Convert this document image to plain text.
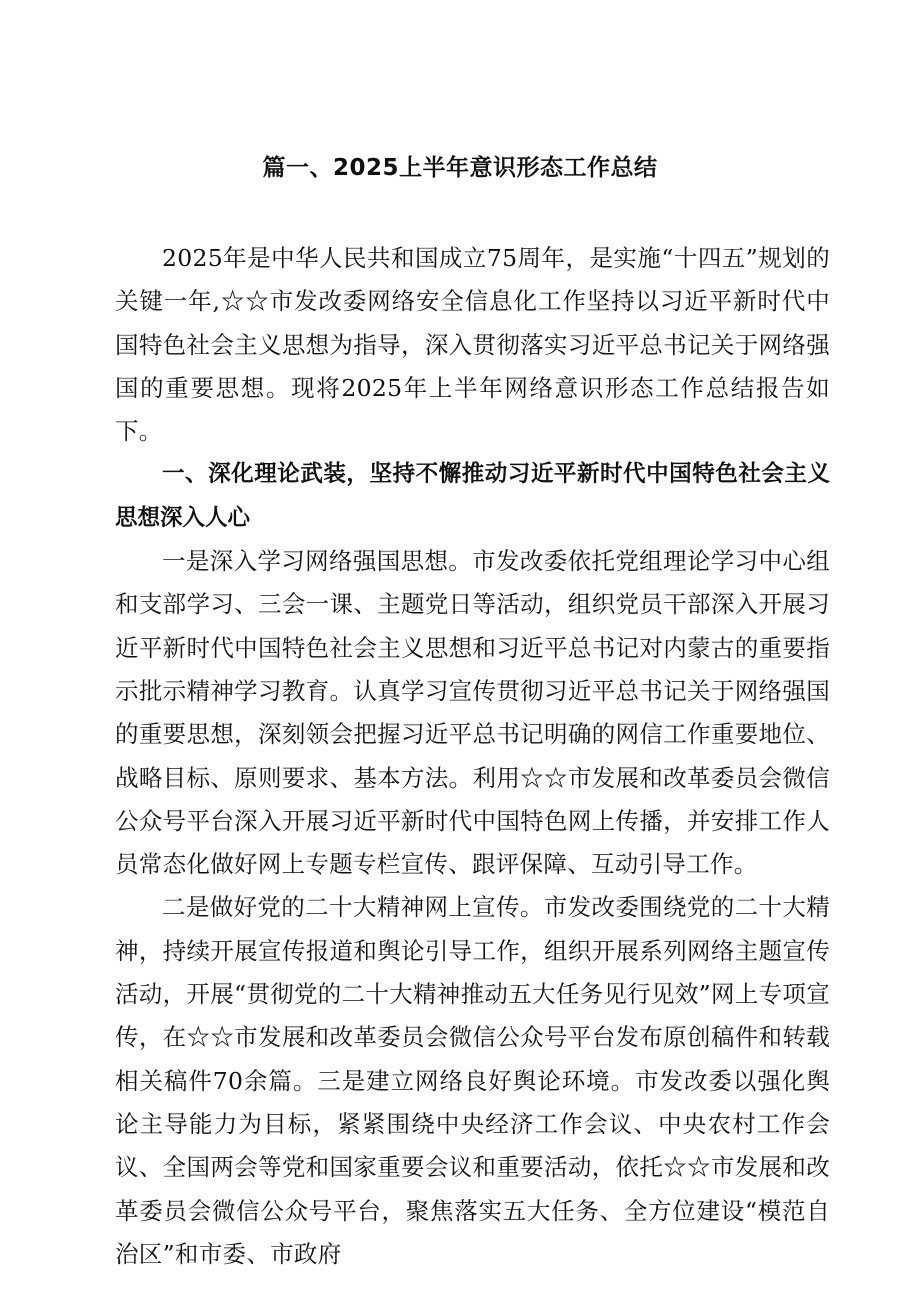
篇一、2025上半年意识形态工作总结

2025年是中华人民共和国成立75周年，是实施“十四五”规划的关键一年,☆☆市发改委网络安全信息化工作坚持以习近平新时代中国特色社会主义思想为指导，深入贯彻落实习近平总书记关于网络强国的重要思想。现将2025年上半年网络意识形态工作总结报告如下。

一、深化理论武装，坚持不懈推动习近平新时代中国特色社会主义思想深入人心

一是深入学习网络强国思想。市发改委依托党组理论学习中心组和支部学习、三会一课、主题党日等活动，组织党员干部深入开展习近平新时代中国特色社会主义思想和习近平总书记对内蒙古的重要指示批示精神学习教育。认真学习宣传贯彻习近平总书记关于网络强国的重要思想，深刻领会把握习近平总书记明确的网信工作重要地位、战略目标、原则要求、基本方法。利用☆☆市发展和改革委员会微信公众号平台深入开展习近平新时代中国特色网上传播，并安排工作人员常态化做好网上专题专栏宣传、跟评保障、互动引导工作。

二是做好党的二十大精神网上宣传。市发改委围绕党的二十大精神，持续开展宣传报道和舆论引导工作，组织开展系列网络主题宣传活动，开展“贯彻党的二十大精神推动五大任务见行见效”网上专项宣传，在☆☆市发展和改革委员会微信公众号平台发布原创稿件和转载相关稿件70余篇。三是建立网络良好舆论环境。市发改委以强化舆论主导能力为目标，紧紧围绕中央经济工作会议、中央农村工作会议、全国两会等党和国家重要会议和重要活动，依托☆☆市发展和改革委员会微信公众号平台，聚焦落实五大任务、全方位建设“模范自治区”和市委、市政府
